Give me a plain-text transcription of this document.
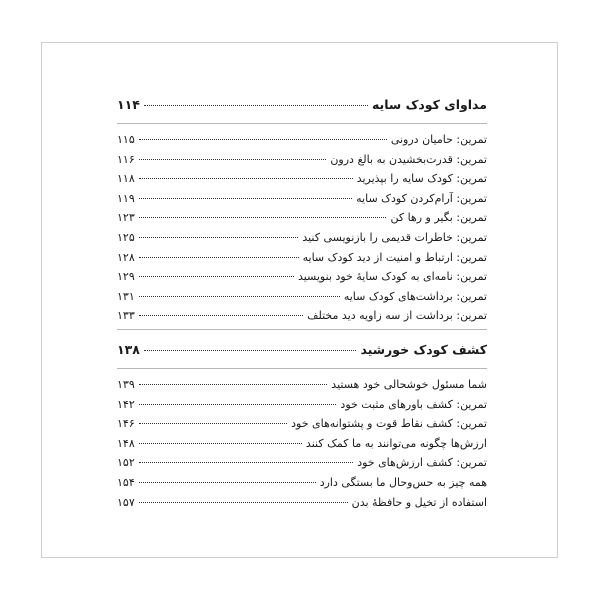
مداوای کودک سایه
۱۱۴
تمرین: حامیان درونی
۱۱۵
تمرین: قدرت‌بخشیدن به بالغ درون
۱۱۶
تمرین: کودک سایه را بپذیرید
۱۱۸
تمرین: آرام‌کردن کودک سایه
۱۱۹
تمرین: بگیر و رها کن
۱۲۳
تمرین: خاطرات قدیمی را بازنویسی کنید
۱۲۵
تمرین: ارتباط و امنیت از دید کودک سایه
۱۲۸
تمرین: نامه‌ای به کودک سایهٔ خود بنویسید
۱۲۹
تمرین: برداشت‌های کودک سایه
۱۳۱
تمرین: برداشت از سه زاویه دید مختلف
۱۳۳
کشف کودک خورشید
۱۳۸
شما مسئول خوشحالی خود هستید
۱۳۹
تمرین: کشف باورهای مثبت خود
۱۴۲
تمرین: کشف نقاط قوت و پشتوانه‌های خود
۱۴۶
ارزش‌ها چگونه می‌توانند به ما کمک کنند
۱۴۸
تمرین: کشف ارزش‌های خود
۱۵۲
همه چیز به حس‌وحال ما بستگی دارد
۱۵۴
استفاده از تخیل و حافظهٔ بدن
۱۵۷
